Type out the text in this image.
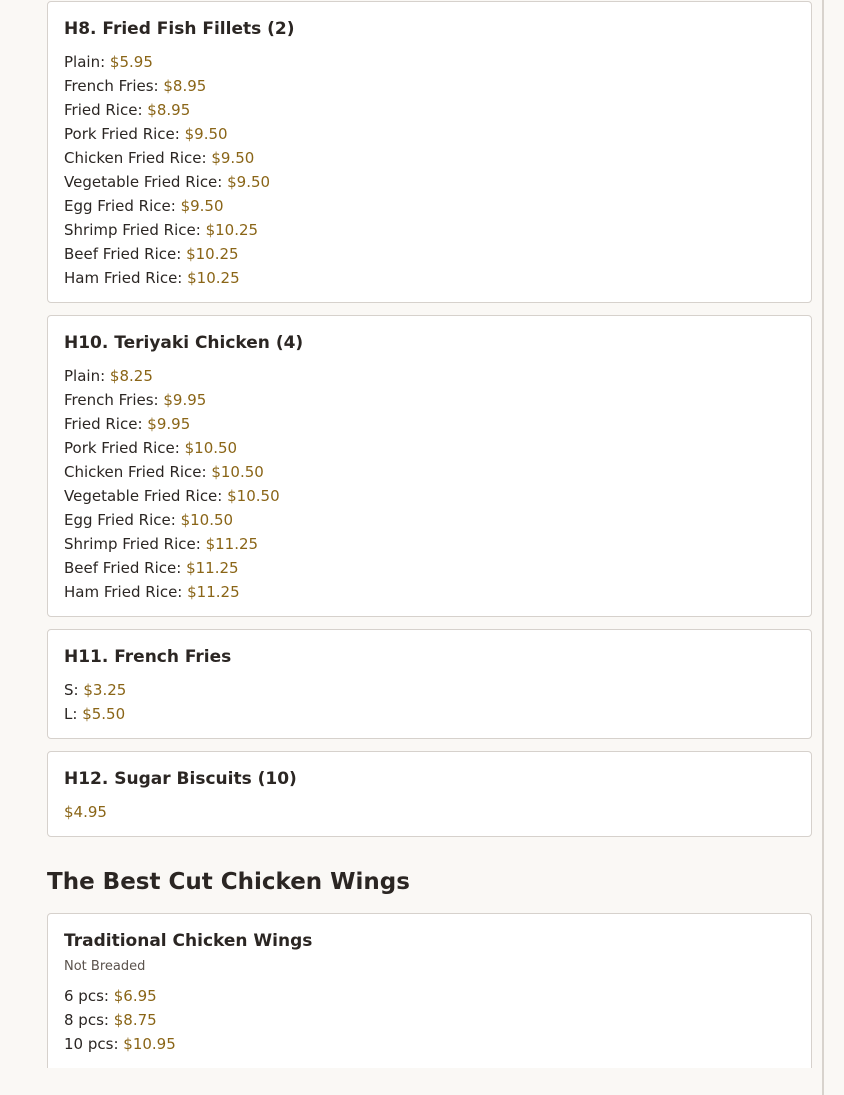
H8. Fried Fish Fillets (2)
Plain: $5.95
French Fries: $8.95
Fried Rice: $8.95
Pork Fried Rice: $9.50
Chicken Fried Rice: $9.50
Vegetable Fried Rice: $9.50
Egg Fried Rice: $9.50
Shrimp Fried Rice: $10.25
Beef Fried Rice: $10.25
Ham Fried Rice: $10.25
H10. Teriyaki Chicken (4)
Plain: $8.25
French Fries: $9.95
Fried Rice: $9.95
Pork Fried Rice: $10.50
Chicken Fried Rice: $10.50
Vegetable Fried Rice: $10.50
Egg Fried Rice: $10.50
Shrimp Fried Rice: $11.25
Beef Fried Rice: $11.25
Ham Fried Rice: $11.25
H11. French Fries
S: $3.25
L: $5.50
H12. Sugar Biscuits (10)
$4.95
The Best Cut Chicken Wings
Traditional Chicken Wings
Not Breaded
6 pcs: $6.95
8 pcs: $8.75
10 pcs: $10.95
